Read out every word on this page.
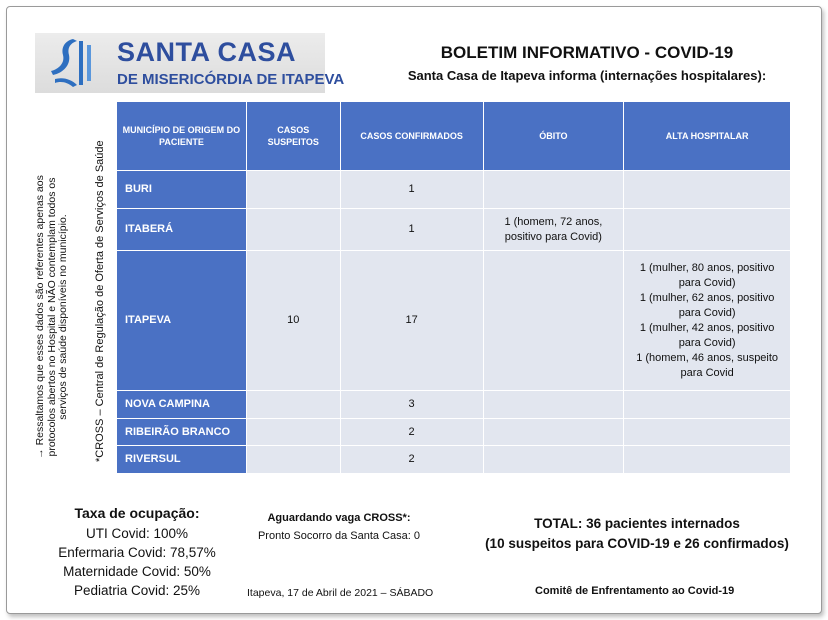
SANTA CASA
DE MISERICÓRDIA DE ITAPEVA
BOLETIM INFORMATIVO - COVID-19
Santa Casa de Itapeva informa (internações hospitalares):
→ Ressaltamos que esses dados são referentes apenas aos protocolos abertos no Hospital e NÃO contemplam todos os serviços de saúde disponíveis no município. *CROSS – Central de Regulação de Oferta de Serviços de Saúde
MUNICÍPIO DE ORIGEM DO PACIENTE	CASOS SUSPEITOS	CASOS CONFIRMADOS	ÓBITO	ALTA HOSPITALAR
BURI		1		
ITABERÁ		1	1 (homem, 72 anos, positivo para Covid)	
ITAPEVA	10	17		1 (mulher, 80 anos, positivo para Covid)
1 (mulher, 62 anos, positivo para Covid)
1 (mulher, 42 anos, positivo para Covid)
1 (homem, 46 anos, suspeito para Covid

NOVA CAMPINA		3		
RIBEIRÃO BRANCO		2		
RIVERSUL		2		
Taxa de ocupação:
UTI Covid: 100%
Enfermaria Covid: 78,57%
Maternidade Covid: 50%
Pediatria Covid: 25%
Aguardando vaga CROSS*:
Pronto Socorro da Santa Casa: 0
TOTAL: 36 pacientes internados
(10 suspeitos para COVID-19 e 26 confirmados)
Itapeva, 17 de Abril de 2021 – SÁBADO	Comitê de Enfrentamento ao Covid-19
